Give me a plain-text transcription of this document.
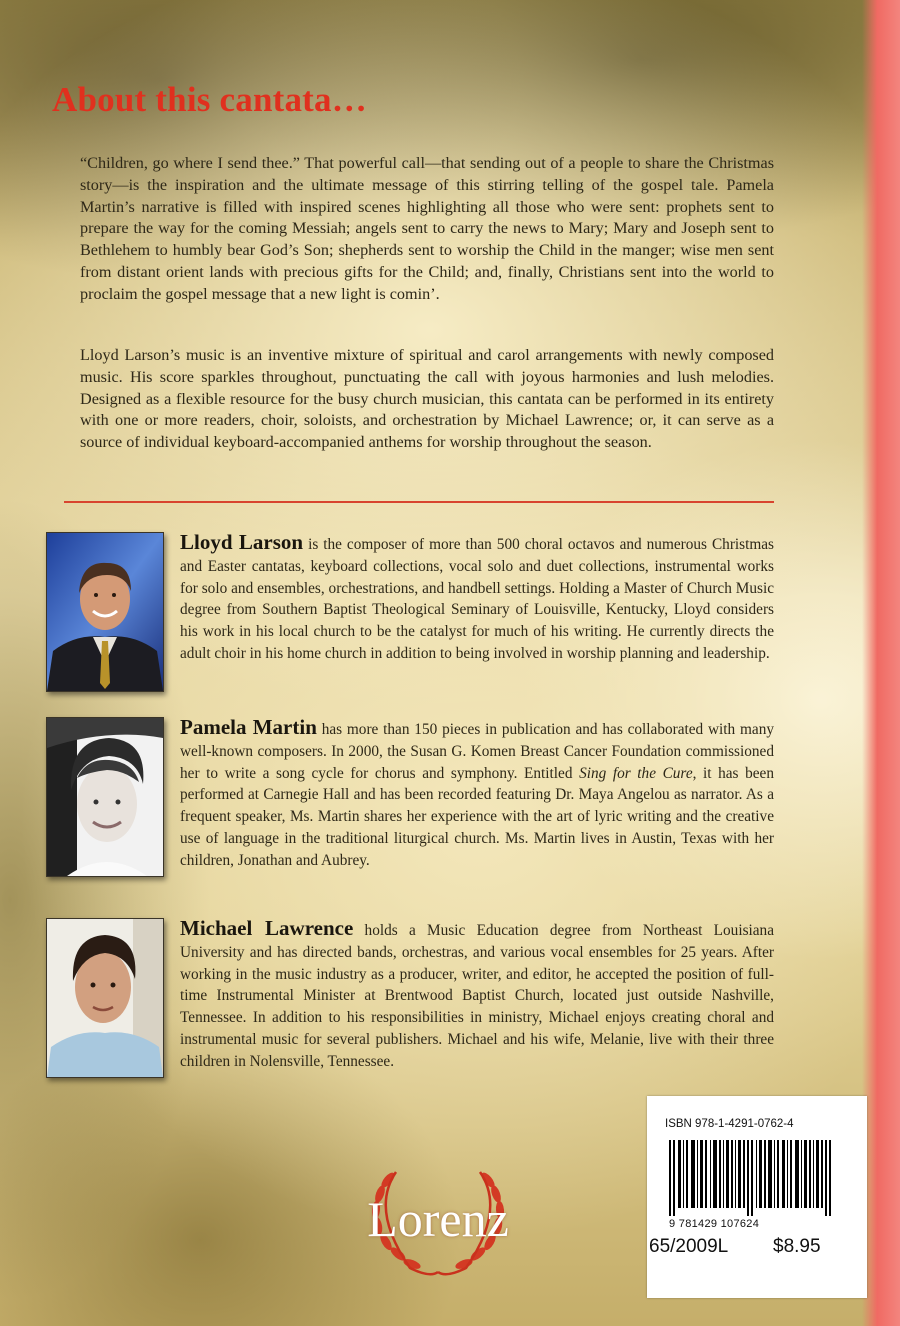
About this cantata…

“Children, go where I send thee.” That powerful call—that sending out of a people to share the Christmas story—is the inspiration and the ultimate message of this stirring telling of the gospel tale. Pamela Martin’s narrative is filled with inspired scenes highlighting all those who were sent: prophets sent to prepare the way for the coming Messiah; angels sent to carry the news to Mary; Mary and Joseph sent to Bethlehem to humbly bear God’s Son; shepherds sent to worship the Child in the manger; wise men sent from distant orient lands with precious gifts for the Child; and, finally, Christians sent into the world to proclaim the gospel message that a new light is comin’.

Lloyd Larson’s music is an inventive mixture of spiritual and carol arrangements with newly composed music. His score sparkles throughout, punctuating the call with joyous harmonies and lush melodies. Designed as a flexible resource for the busy church musician, this cantata can be performed in its entirety with one or more readers, choir, soloists, and orchestration by Michael Lawrence; or, it can serve as a source of individual keyboard-accompanied anthems for worship throughout the season.

Lloyd Larson is the composer of more than 500 choral octavos and numerous Christmas and Easter cantatas, keyboard collections, vocal solo and duet collections, instrumental works for solo and ensembles, orchestrations, and handbell settings. Holding a Master of Church Music degree from Southern Baptist Theological Seminary of Louisville, Kentucky, Lloyd considers his work in his local church to be the catalyst for much of his writing. He currently directs the adult choir in his home church in addition to being involved in worship planning and leadership.

Pamela Martin has more than 150 pieces in publication and has collaborated with many well-known composers. In 2000, the Susan G. Komen Breast Cancer Foundation commissioned her to write a song cycle for chorus and symphony. Entitled Sing for the Cure, it has been performed at Carnegie Hall and has been recorded featuring Dr. Maya Angelou as narrator. As a frequent speaker, Ms. Martin shares her experience with the art of lyric writing and the creative use of language in the traditional liturgical church. Ms. Martin lives in Austin, Texas with her children, Jonathan and Aubrey.

Michael Lawrence holds a Music Education degree from Northeast Louisiana University and has directed bands, orchestras, and various vocal ensembles for 25 years. After working in the music industry as a producer, writer, and editor, he accepted the position of full-time Instrumental Minister at Brentwood Baptist Church, located just outside Nashville, Tennessee. In addition to his responsibilities in ministry, Michael enjoys creating choral and instrumental music for several publishers. Michael and his wife, Melanie, live with their three children in Nolensville, Tennessee.

Lorenz

ISBN 978-1-4291-0762-4

9 781429 107624

65/2009L $8.95
